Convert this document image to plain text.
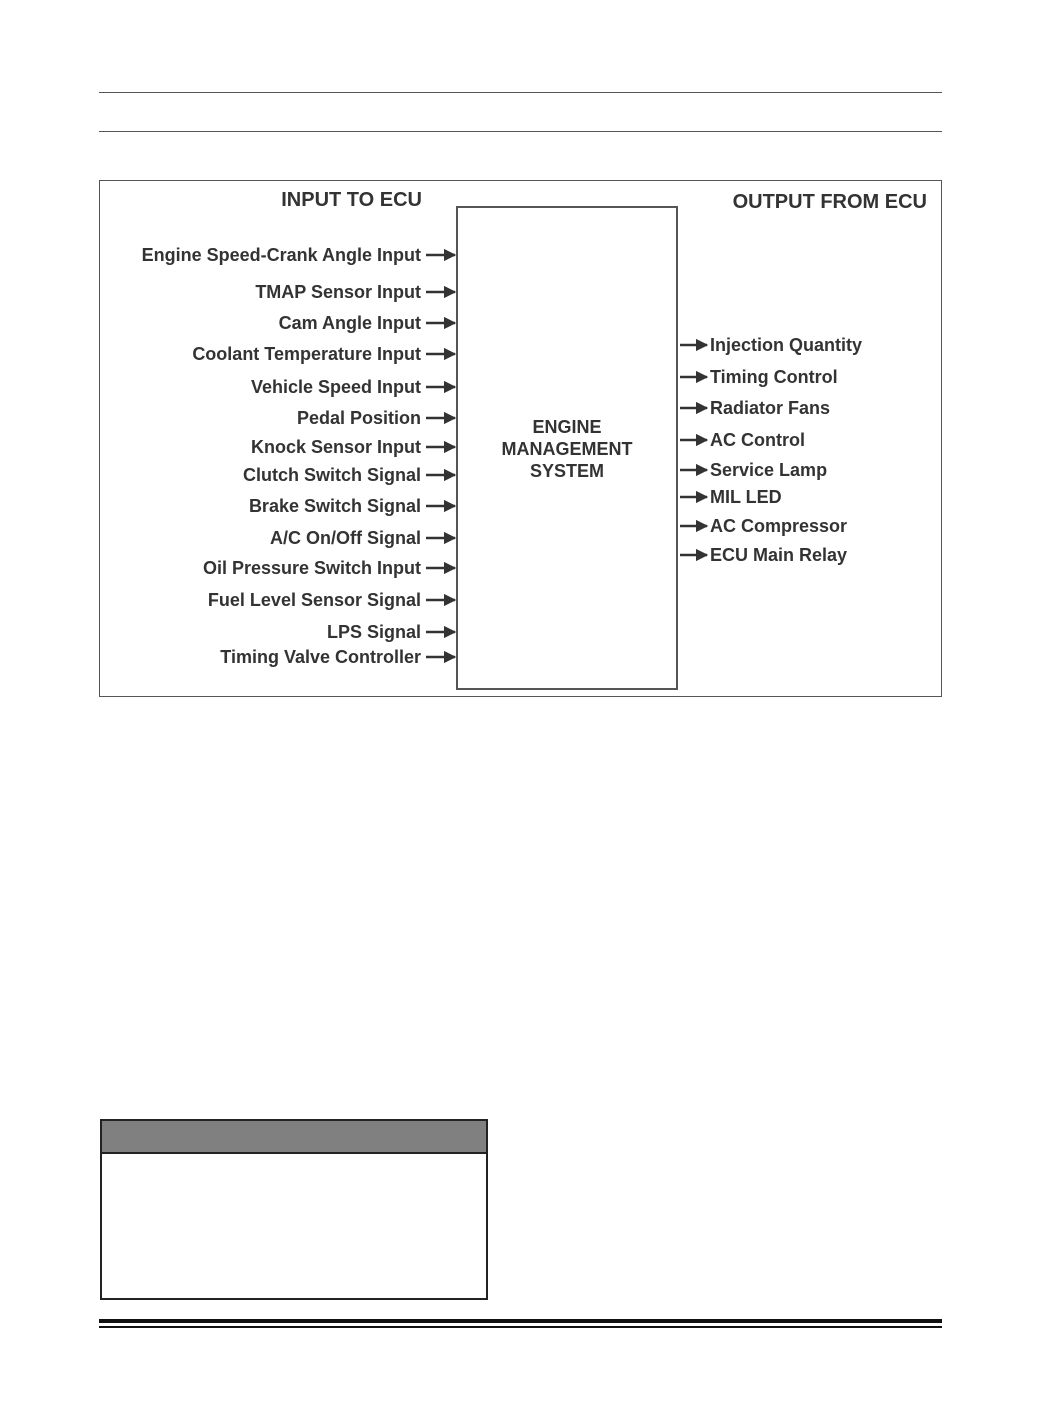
INPUT TO ECU	OUTPUT FROM ECU
ENGINE
MANAGEMENT
SYSTEM
Engine Speed-Crank Angle Input
TMAP Sensor Input
Cam Angle Input
Coolant Temperature Input
Vehicle Speed Input
Pedal Position
Knock Sensor Input
Clutch Switch Signal
Brake Switch Signal
A/C On/Off Signal
Oil Pressure Switch Input
Fuel Level Sensor Signal
LPS Signal
Timing Valve Controller
Injection Quantity
Timing Control
Radiator Fans
AC Control
Service Lamp
MIL LED
AC Compressor
ECU Main Relay
